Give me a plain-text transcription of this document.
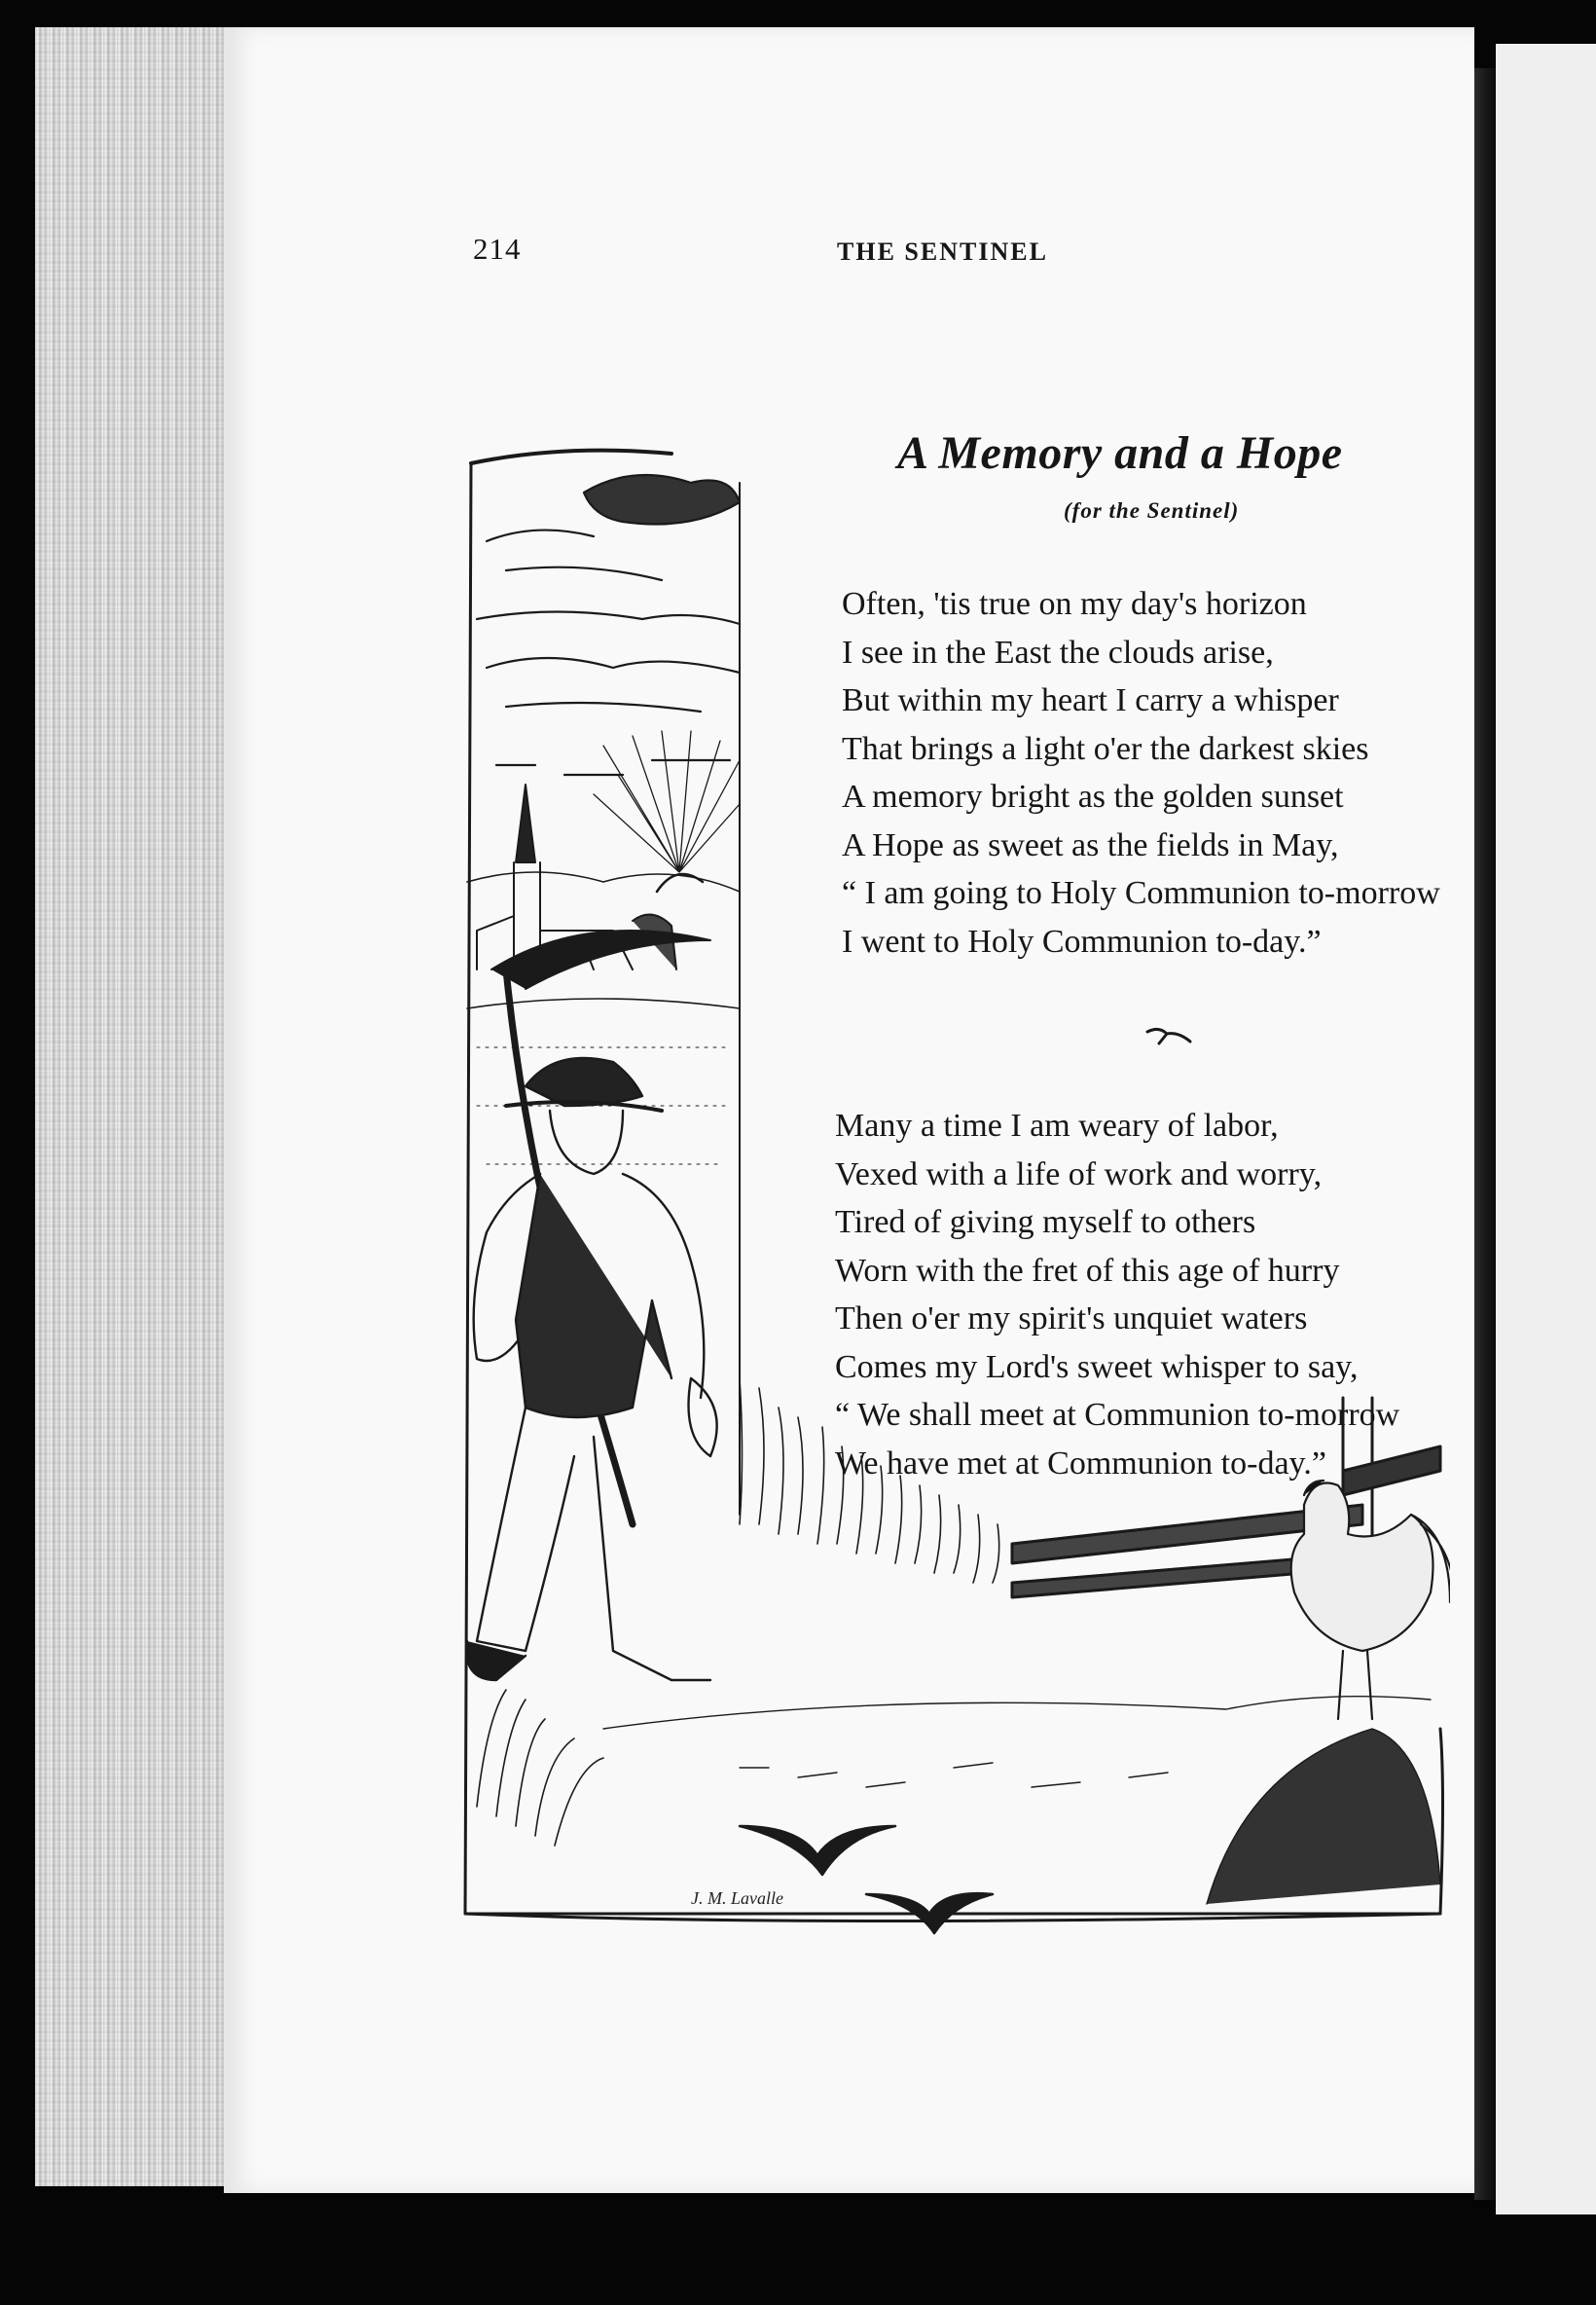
214	THE SENTINEL
J. M. Lavalle
A Memory and a Hope
(for the Sentinel)
Often, 'tis true on my day's horizon
I see in the East the clouds arise,
But within my heart I carry a whisper
That brings a light o'er the darkest skies
A memory bright as the golden sunset
A Hope as sweet as the fields in May,
“ I am going to Holy Communion to-morrow
I went to Holy Communion to-day.”
Many a time I am weary of labor,
Vexed with a life of work and worry,
Tired of giving myself to others
Worn with the fret of this age of hurry
Then o'er my spirit's unquiet waters
Comes my Lord's sweet whisper to say,
“ We shall meet at Communion to-morrow
We have met at Communion to-day.”
